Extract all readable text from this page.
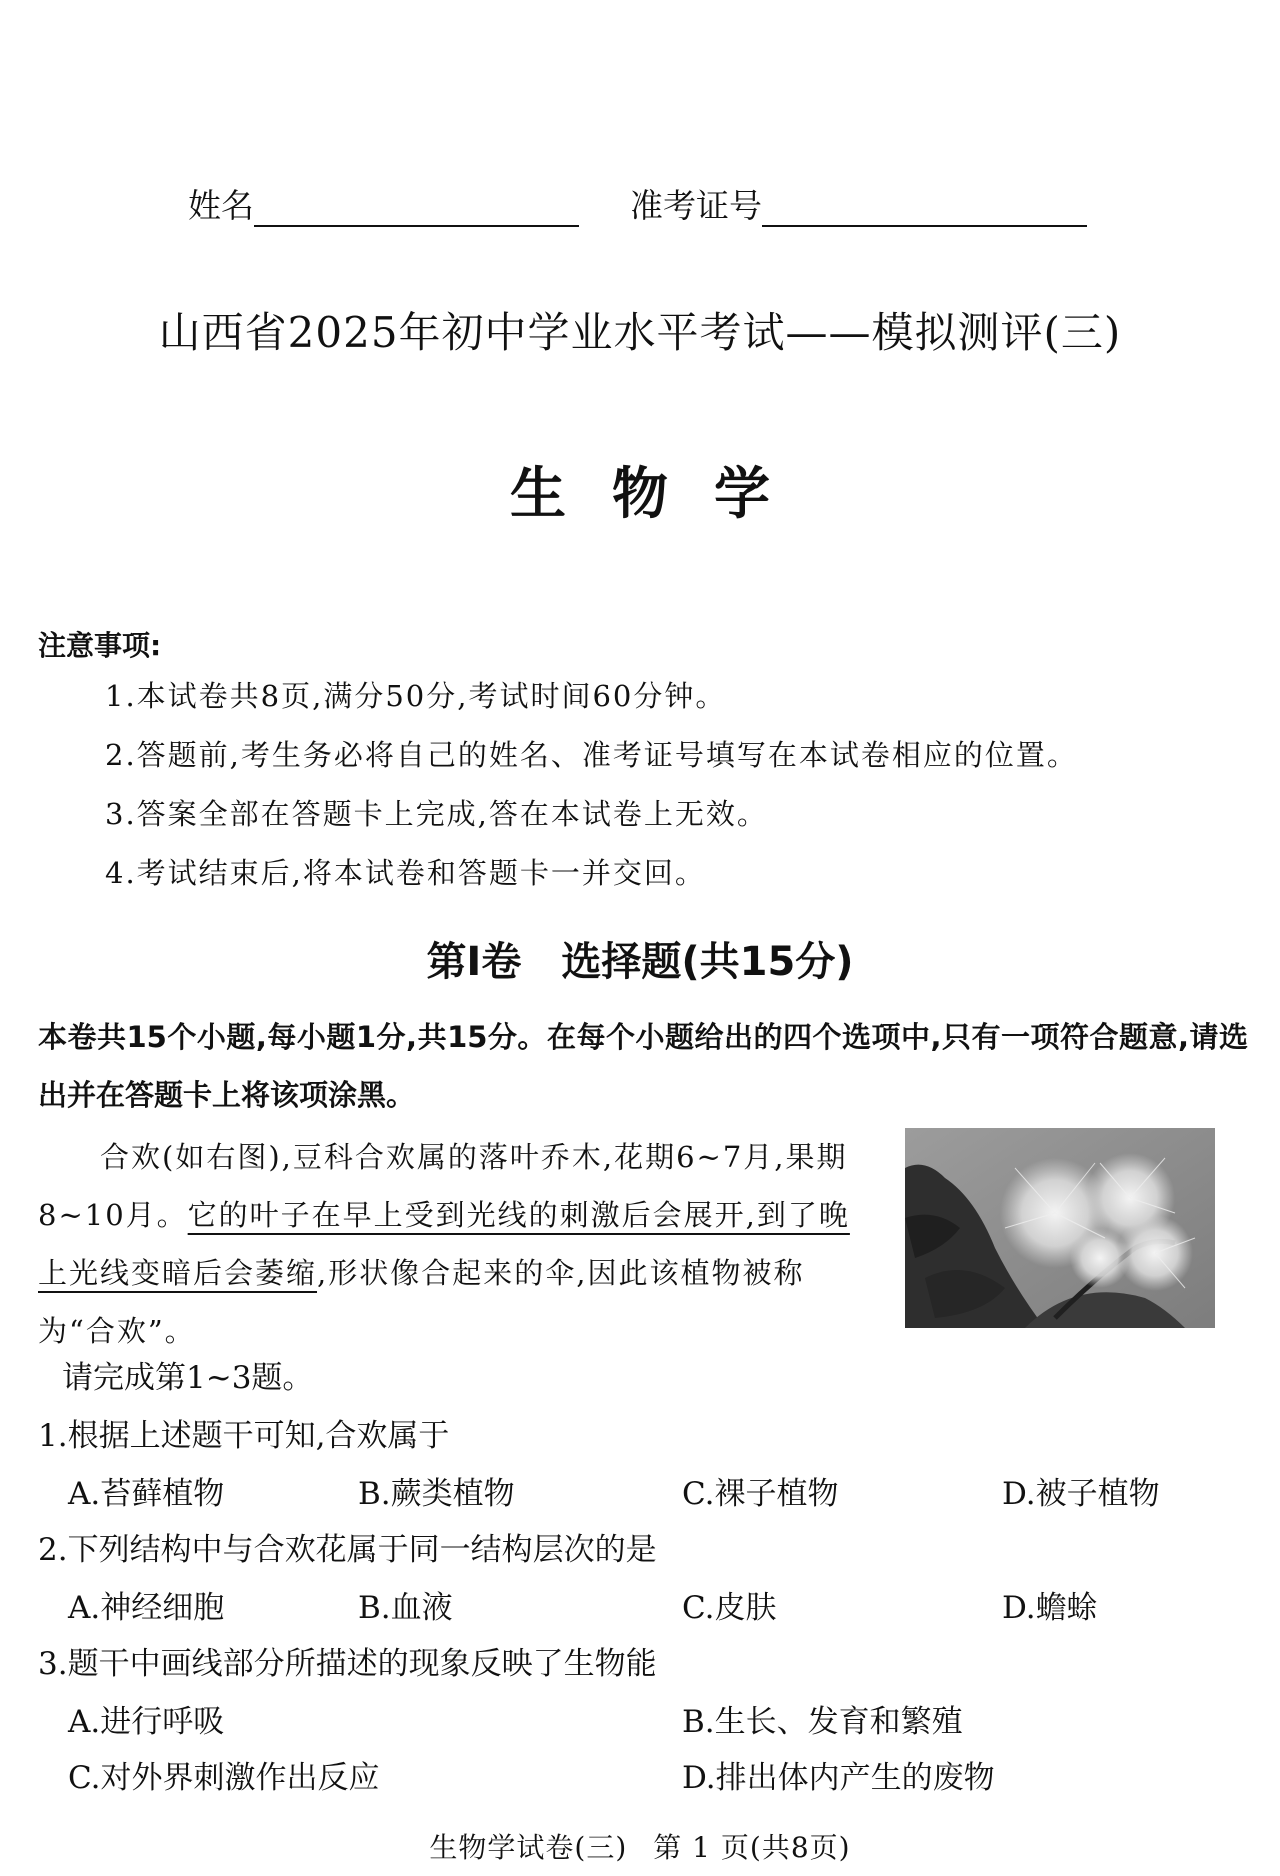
姓名	准考证号
山西省2025年初中学业水平考试——模拟测评(三)
生物学
注意事项:
1.本试卷共8页,满分50分,考试时间60分钟。
2.答题前,考生务必将自己的姓名、准考证号填写在本试卷相应的位置。
3.答案全部在答题卡上完成,答在本试卷上无效。
4.考试结束后,将本试卷和答题卡一并交回。
第Ⅰ卷 选择题(共15分)
本卷共15个小题,每小题1分,共15分。在每个小题给出的四个选项中,只有一项符合题意,请选出并在答题卡上将该项涂黑。
合欢(如右图),豆科合欢属的落叶乔木,花期6~7月,果期8~10月。它的叶子在早上受到光线的刺激后会展开,到了晚上光线变暗后会萎缩,形状像合起来的伞,因此该植物被称为“合欢”。
请完成第1~3题。
1.根据上述题干可知,合欢属于
A.苔藓植物	B.蕨类植物	C.裸子植物	D.被子植物
2.下列结构中与合欢花属于同一结构层次的是
A.神经细胞	B.血液	C.皮肤	D.蟾蜍
3.题干中画线部分所描述的现象反映了生物能
A.进行呼吸	B.生长、发育和繁殖
C.对外界刺激作出反应	D.排出体内产生的废物
生物学试卷(三) 第 1 页(共8页)
